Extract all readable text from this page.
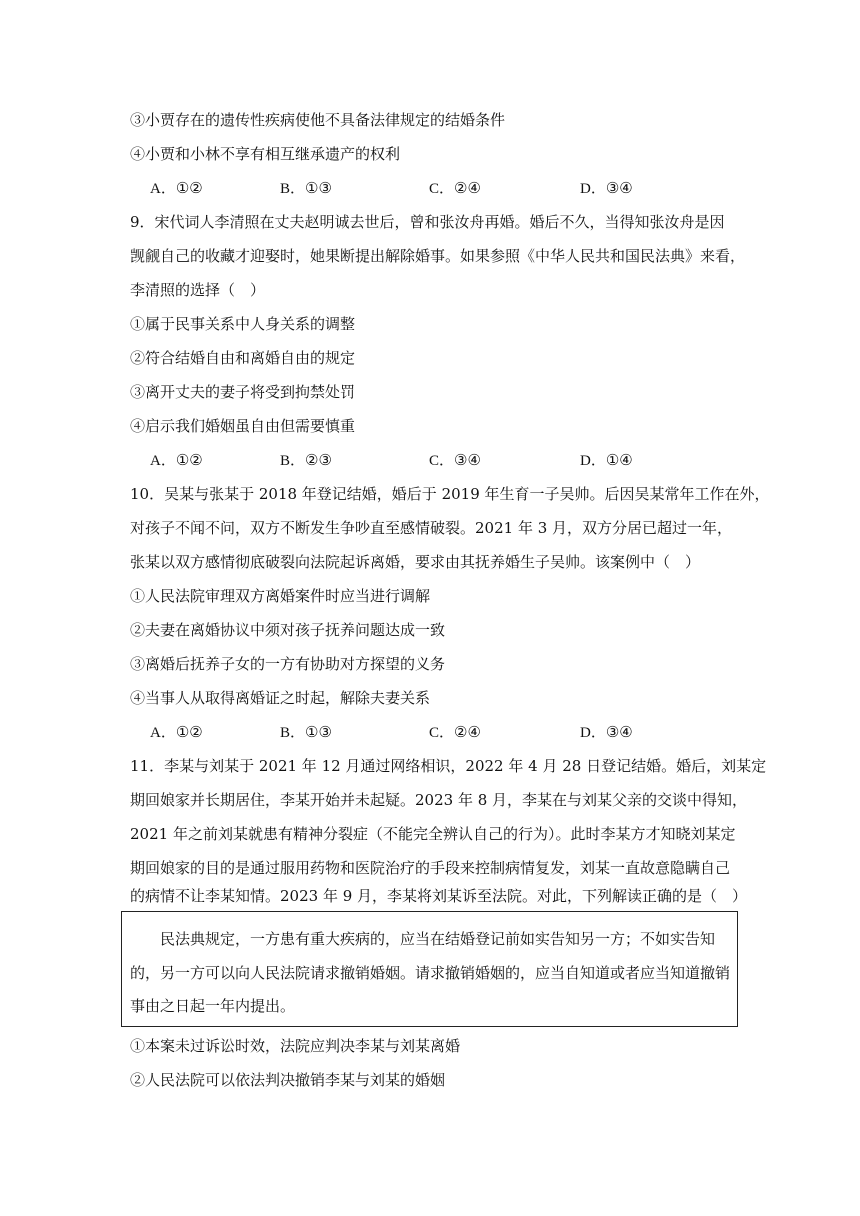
③小贾存在的遗传性疾病使他不具备法律规定的结婚条件
④小贾和小林不享有相互继承遗产的权利
A．①②	B．①③	C．②④	D．③④
9．宋代词人李清照在丈夫赵明诚去世后，曾和张汝舟再婚。婚后不久，当得知张汝舟是因
觊觎自己的收藏才迎娶时，她果断提出解除婚事。如果参照《中华人民共和国民法典》来看，
李清照的选择（　）
①属于民事关系中人身关系的调整
②符合结婚自由和离婚自由的规定
③离开丈夫的妻子将受到拘禁处罚
④启示我们婚姻虽自由但需要慎重
A．①②	B．②③	C．③④	D．①④
10．吴某与张某于 2018 年登记结婚，婚后于 2019 年生育一子吴帅。后因吴某常年工作在外，
对孩子不闻不问，双方不断发生争吵直至感情破裂。2021 年 3 月，双方分居已超过一年，
张某以双方感情彻底破裂向法院起诉离婚，要求由其抚养婚生子吴帅。该案例中（　）
①人民法院审理双方离婚案件时应当进行调解
②夫妻在离婚协议中须对孩子抚养问题达成一致
③离婚后抚养子女的一方有协助对方探望的义务
④当事人从取得离婚证之时起，解除夫妻关系
A．①②	B．①③	C．②④	D．③④
11．李某与刘某于 2021 年 12 月通过网络相识，2022 年 4 月 28 日登记结婚。婚后，刘某定
期回娘家并长期居住，李某开始并未起疑。2023 年 8 月，李某在与刘某父亲的交谈中得知，
2021 年之前刘某就患有精神分裂症（不能完全辨认自己的行为）。此时李某方才知晓刘某定
期回娘家的目的是通过服用药物和医院治疗的手段来控制病情复发，刘某一直故意隐瞒自己
的病情不让李某知情。2023 年 9 月，李某将刘某诉至法院。对此，下列解读正确的是（　）
　　民法典规定，一方患有重大疾病的，应当在结婚登记前如实告知另一方；不如实告知
的，另一方可以向人民法院请求撤销婚姻。请求撤销婚姻的，应当自知道或者应当知道撤销
事由之日起一年内提出。
①本案未过诉讼时效，法院应判决李某与刘某离婚
②人民法院可以依法判决撤销李某与刘某的婚姻
